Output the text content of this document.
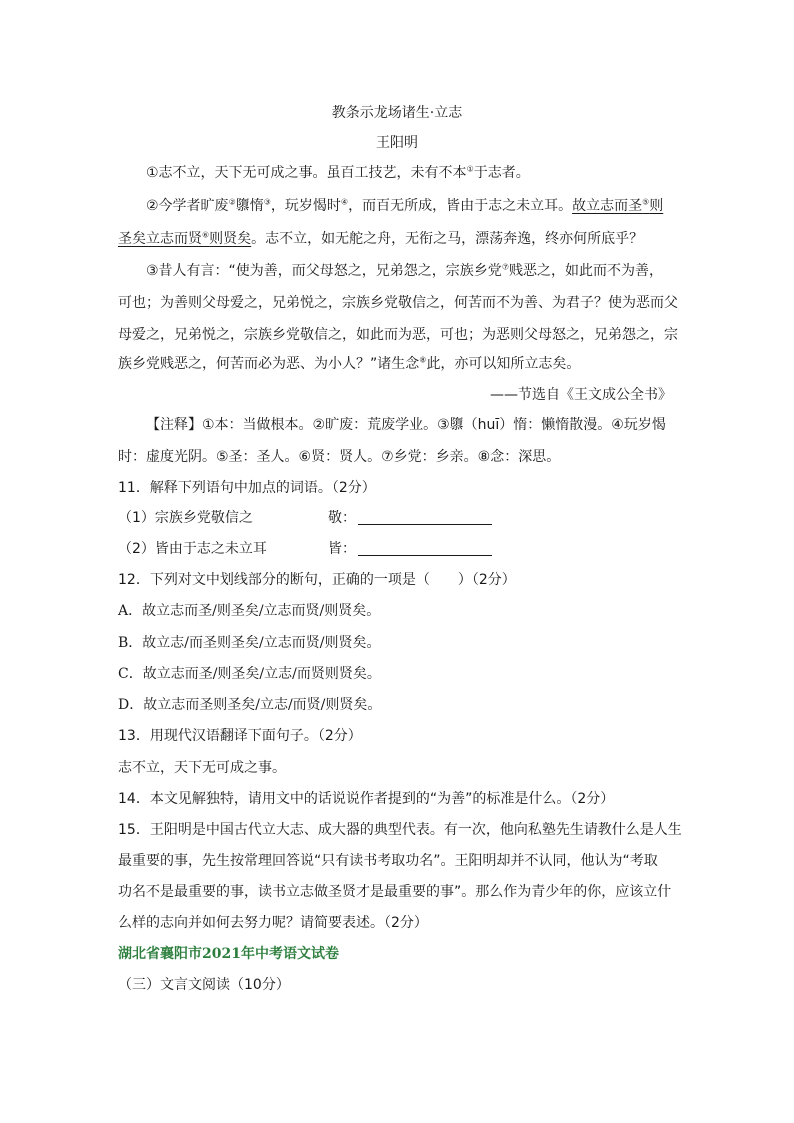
教条示龙场诸生·立志
王阳明
①志不立，天下无可成之事。虽百工技艺，未有不本①于志者。
②今学者旷废②隳惰③，玩岁愒时④，而百无所成，皆由于志之未立耳。故立志而圣⑤则
圣矣立志而贤⑥则贤矣。志不立，如无舵之舟，无衔之马，漂荡奔逸，终亦何所底乎？
③昔人有言：“使为善，而父母怒之，兄弟怨之，宗族乡党⑦贱恶之，如此而不为善，
可也；为善则父母爱之，兄弟悦之，宗族乡党敬信之，何苦而不为善、为君子？使为恶而父
母爱之，兄弟悦之，宗族乡党敬信之，如此而为恶，可也；为恶则父母怒之，兄弟怨之，宗
族乡党贱恶之，何苦而必为恶、为小人？”诸生念⑧此，亦可以知所立志矣。
——节选自《王文成公全书》
【注释】①本：当做根本。②旷废：荒废学业。③隳（huī）惰：懒惰散漫。④玩岁愒
时：虚度光阴。⑤圣：圣人。⑥贤：贤人。⑦乡党：乡亲。⑧念：深思。
11．解释下列语句中加点的词语。（2分）
（1）宗族乡党敬信之	敬：
（2）皆由于志之未立耳	皆：
12．下列对文中划线部分的断句，正确的一项是（　　）（2分）
A．故立志而圣/则圣矣/立志而贤/则贤矣。
B．故立志/而圣则圣矣/立志而贤/则贤矣。
C．故立志而圣/则圣矣/立志/而贤则贤矣。
D．故立志而圣则圣矣/立志/而贤/则贤矣。
13．用现代汉语翻译下面句子。（2分）
志不立，天下无可成之事。
14．本文见解独特，请用文中的话说说作者提到的“为善”的标准是什么。（2分）
15．王阳明是中国古代立大志、成大器的典型代表。有一次，他向私塾先生请教什么是人生
最重要的事，先生按常理回答说“只有读书考取功名”。王阳明却并不认同，他认为“考取
功名不是最重要的事，读书立志做圣贤才是最重要的事”。那么作为青少年的你，应该立什
么样的志向并如何去努力呢？请简要表述。（2分）
湖北省襄阳市2021年中考语文试卷
（三）文言文阅读（10分）
